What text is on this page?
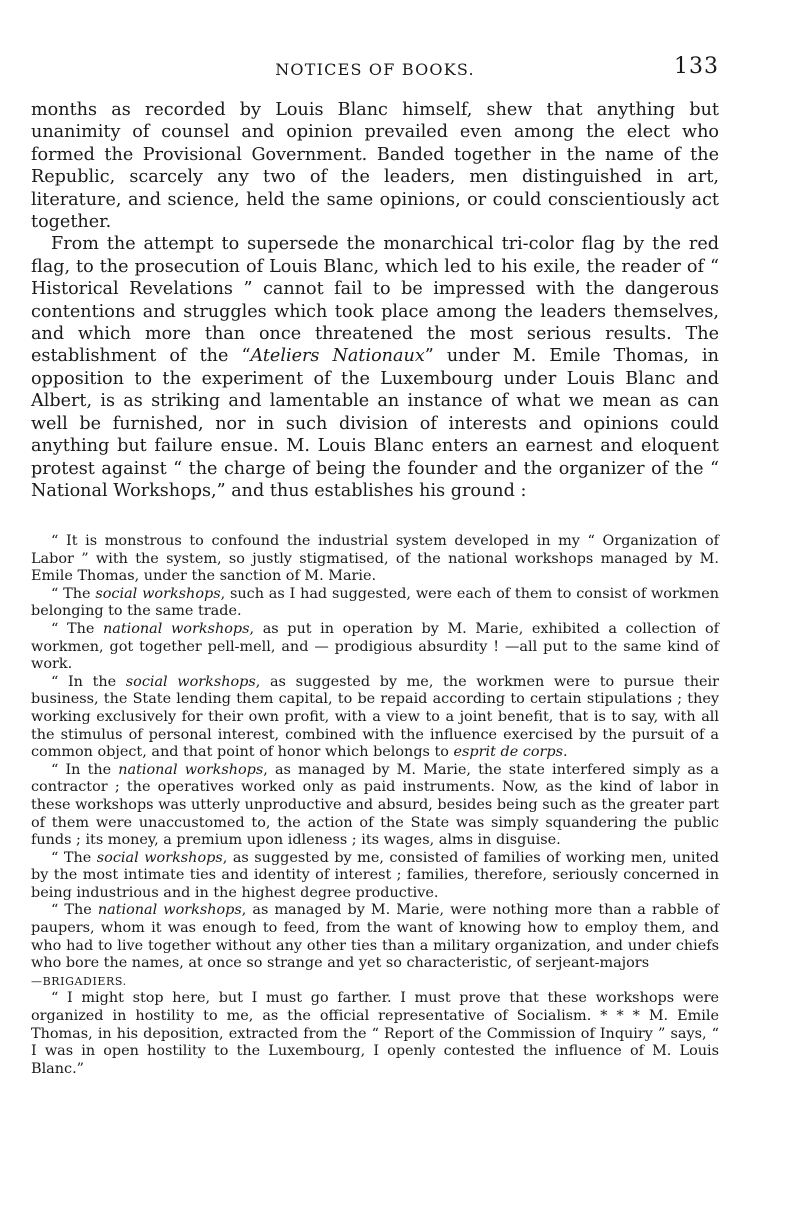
NOTICES OF BOOKS.	133

months as recorded by Louis Blanc himself, shew that anything but unanimity of counsel and opinion prevailed even among the elect who formed the Provisional Government. Banded together in the name of the Republic, scarcely any two of the leaders, men distinguished in art, literature, and science, held the same opinions, or could conscientiously act together.

From the attempt to supersede the monarchical tri-color flag by the red flag, to the prosecution of Louis Blanc, which led to his exile, the reader of “ Historical Revelations ” cannot fail to be impressed with the dangerous contentions and struggles which took place among the leaders themselves, and which more than once threatened the most serious results. The establishment of the “Ateliers Nationaux” under M. Emile Thomas, in opposition to the experiment of the Luxembourg under Louis Blanc and Albert, is as striking and lamentable an instance of what we mean as can well be furnished, nor in such division of interests and opinions could anything but failure ensue. M. Louis Blanc enters an earnest and eloquent protest against “ the charge of being the founder and the organizer of the “ National Workshops,” and thus establishes his ground :

“ It is monstrous to confound the industrial system developed in my “ Organization of Labor ” with the system, so justly stigmatised, of the national workshops managed by M. Emile Thomas, under the sanction of M. Marie.

“ The social workshops, such as I had suggested, were each of them to consist of workmen belonging to the same trade.

“ The national workshops, as put in operation by M. Marie, exhibited a collection of workmen, got together pell-mell, and — prodigious absurdity ! —all put to the same kind of work.

“ In the social workshops, as suggested by me, the workmen were to pursue their business, the State lending them capital, to be repaid according to certain stipulations ; they working exclusively for their own profit, with a view to a joint benefit, that is to say, with all the stimulus of personal interest, combined with the influence exercised by the pursuit of a common object, and that point of honor which belongs to esprit de corps.

“ In the national workshops, as managed by M. Marie, the state interfered simply as a contractor ; the operatives worked only as paid instruments. Now, as the kind of labor in these workshops was utterly unproductive and absurd, besides being such as the greater part of them were unaccustomed to, the action of the State was simply squandering the public funds ; its money, a premium upon idleness ; its wages, alms in disguise.

“ The social workshops, as suggested by me, consisted of families of working men, united by the most intimate ties and identity of interest ; families, therefore, seriously concerned in being industrious and in the highest degree productive.

“ The national workshops, as managed by M. Marie, were nothing more than a rabble of paupers, whom it was enough to feed, from the want of knowing how to employ them, and who had to live together without any other ties than a military organization, and under chiefs who bore the names, at once so strange and yet so characteristic, of serjeant-majors

—BRIGADIERS.

“ I might stop here, but I must go farther. I must prove that these workshops were organized in hostility to me, as the official representative of Socialism. * * * M. Emile Thomas, in his deposition, extracted from the “ Report of the Commission of Inquiry ” says, “ I was in open hostility to the Luxembourg, I openly contested the influence of M. Louis Blanc.”
